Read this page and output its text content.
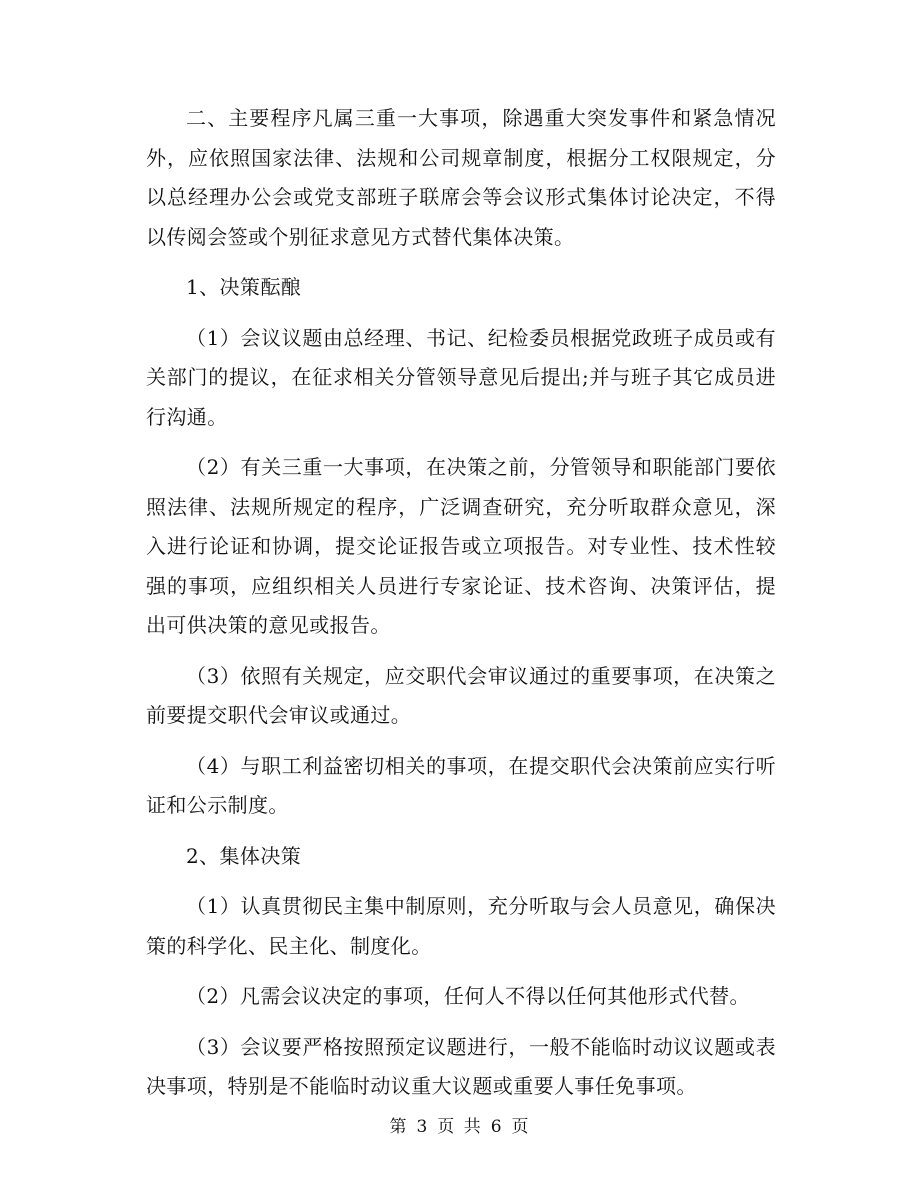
二、主要程序凡属三重一大事项，除遇重大突发事件和紧急情况外，应依照国家法律、法规和公司规章制度，根据分工权限规定，分以总经理办公会或党支部班子联席会等会议形式集体讨论决定，不得以传阅会签或个别征求意见方式替代集体决策。

1、决策酝酿

（1）会议议题由总经理、书记、纪检委员根据党政班子成员或有关部门的提议，在征求相关分管领导意见后提出;并与班子其它成员进行沟通。

（2）有关三重一大事项，在决策之前，分管领导和职能部门要依照法律、法规所规定的程序，广泛调查研究，充分听取群众意见，深入进行论证和协调，提交论证报告或立项报告。对专业性、技术性较强的事项，应组织相关人员进行专家论证、技术咨询、决策评估，提出可供决策的意见或报告。

（3）依照有关规定，应交职代会审议通过的重要事项，在决策之前要提交职代会审议或通过。

（4）与职工利益密切相关的事项，在提交职代会决策前应实行听证和公示制度。

2、集体决策

（1）认真贯彻民主集中制原则，充分听取与会人员意见，确保决策的科学化、民主化、制度化。

（2）凡需会议决定的事项，任何人不得以任何其他形式代替。

（3）会议要严格按照预定议题进行，一般不能临时动议议题或表决事项，特别是不能临时动议重大议题或重要人事任免事项。

第 3 页 共 6 页
